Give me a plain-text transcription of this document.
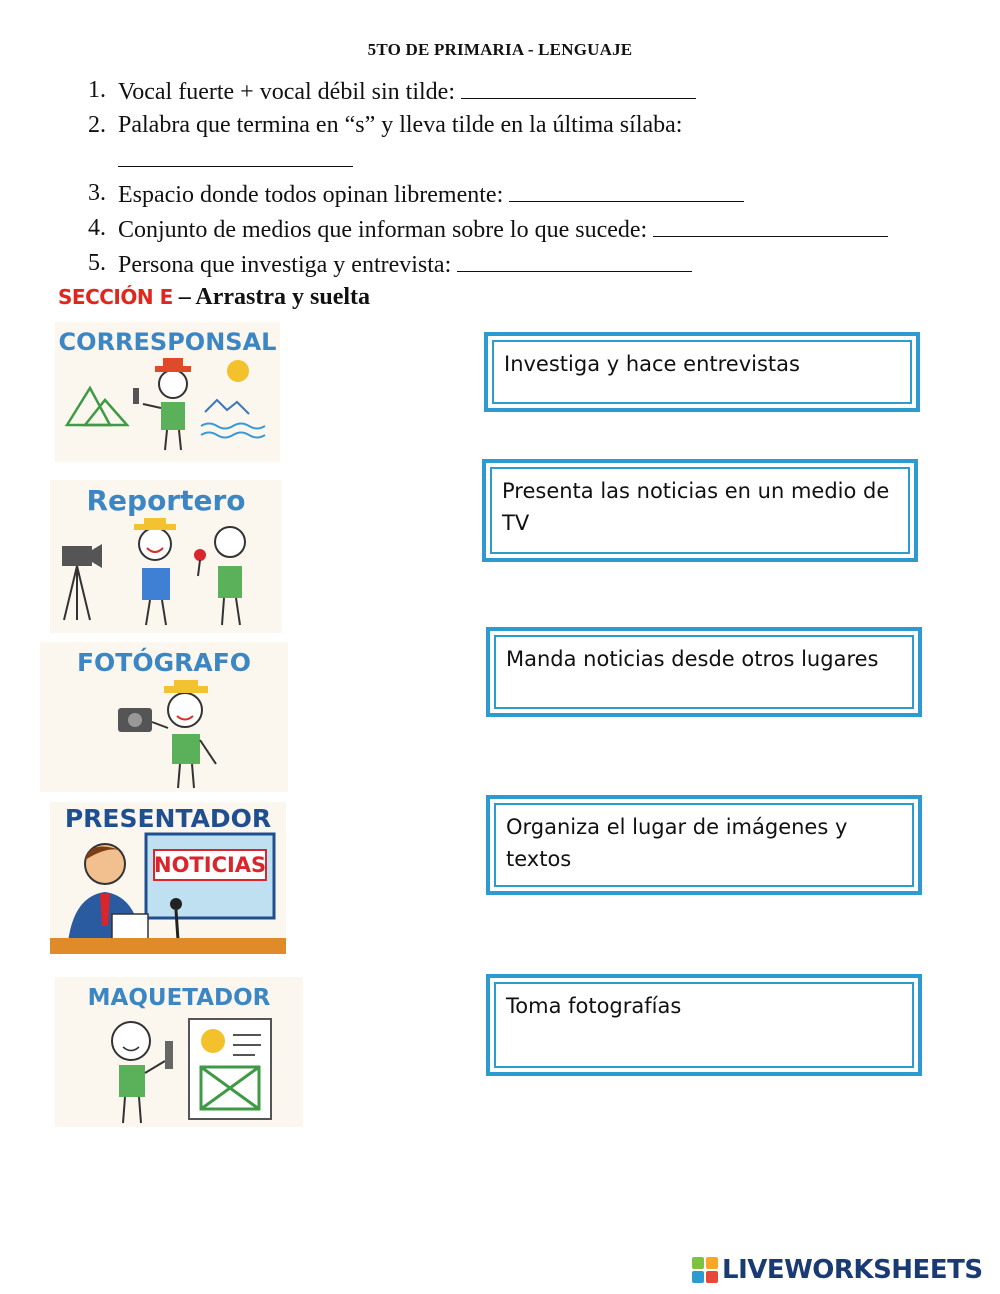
5TO DE PRIMARIA - LENGUAJE
1. Vocal fuerte + vocal débil sin tilde:
2. Palabra que termina en “s” y lleva tilde en la última sílaba:

3. Espacio donde todos opinan libremente:
4. Conjunto de medios que informan sobre lo que sucede:
5. Persona que investiga y entrevista:
SECCIÓN E – Arrastra y suelta
CORRESPONSAL
Reportero
FOTÓGRAFO
PRESENTADOR
NOTICIAS
MAQUETADOR
Investiga y hace entrevistas
Presenta las noticias en un medio de TV
Manda noticias desde otros lugares
Organiza el lugar de imágenes y textos
Toma fotografías
LIVEWORKSHEETS
